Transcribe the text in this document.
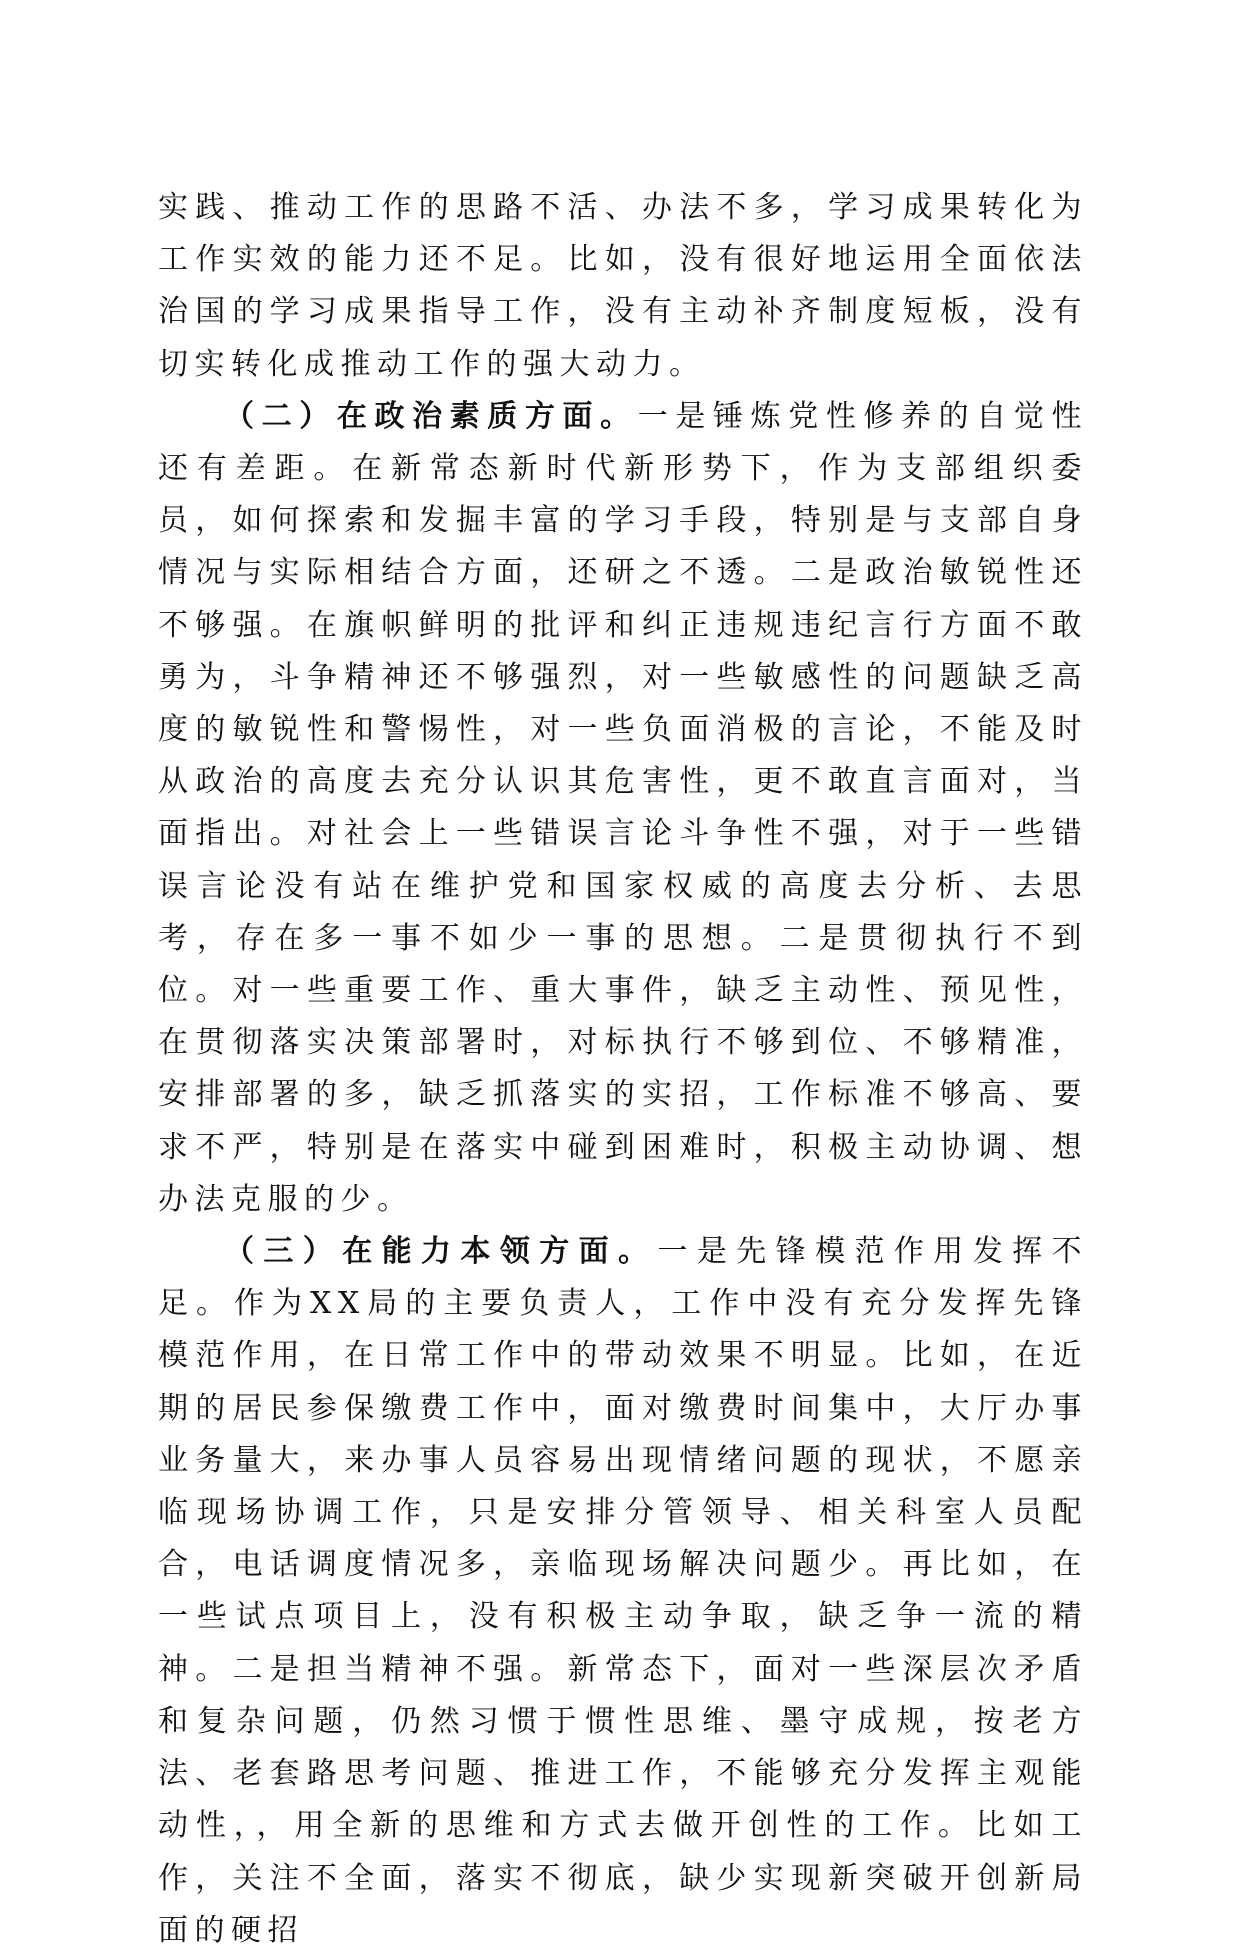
实践、推动工作的思路不活、办法不多，学习成果转化为工作实效的能力还不足。比如，没有很好地运用全面依法治国的学习成果指导工作，没有主动补齐制度短板，没有切实转化成推动工作的强大动力。

（二）在政治素质方面。一是锤炼党性修养的自觉性还有差距。在新常态新时代新形势下，作为支部组织委员，如何探索和发掘丰富的学习手段，特别是与支部自身情况与实际相结合方面，还研之不透。二是政治敏锐性还不够强。在旗帜鲜明的批评和纠正违规违纪言行方面不敢勇为，斗争精神还不够强烈，对一些敏感性的问题缺乏高度的敏锐性和警惕性，对一些负面消极的言论，不能及时从政治的高度去充分认识其危害性，更不敢直言面对，当面指出。对社会上一些错误言论斗争性不强，对于一些错误言论没有站在维护党和国家权威的高度去分析、去思考，存在多一事不如少一事的思想。二是贯彻执行不到位。对一些重要工作、重大事件，缺乏主动性、预见性，在贯彻落实决策部署时，对标执行不够到位、不够精准，安排部署的多，缺乏抓落实的实招，工作标准不够高、要求不严，特别是在落实中碰到困难时，积极主动协调、想办法克服的少。

（三）在能力本领方面。一是先锋模范作用发挥不足。作为XX局的主要负责人，工作中没有充分发挥先锋模范作用，在日常工作中的带动效果不明显。比如，在近期的居民参保缴费工作中，面对缴费时间集中，大厅办事业务量大，来办事人员容易出现情绪问题的现状，不愿亲临现场协调工作，只是安排分管领导、相关科室人员配合，电话调度情况多，亲临现场解决问题少。再比如，在一些试点项目上，没有积极主动争取，缺乏争一流的精神。二是担当精神不强。新常态下，面对一些深层次矛盾和复杂问题，仍然习惯于惯性思维、墨守成规，按老方法、老套路思考问题、推进工作，不能够充分发挥主观能动性，，用全新的思维和方式去做开创性的工作。比如工作，关注不全面，落实不彻底，缺少实现新突破开创新局面的硬招
